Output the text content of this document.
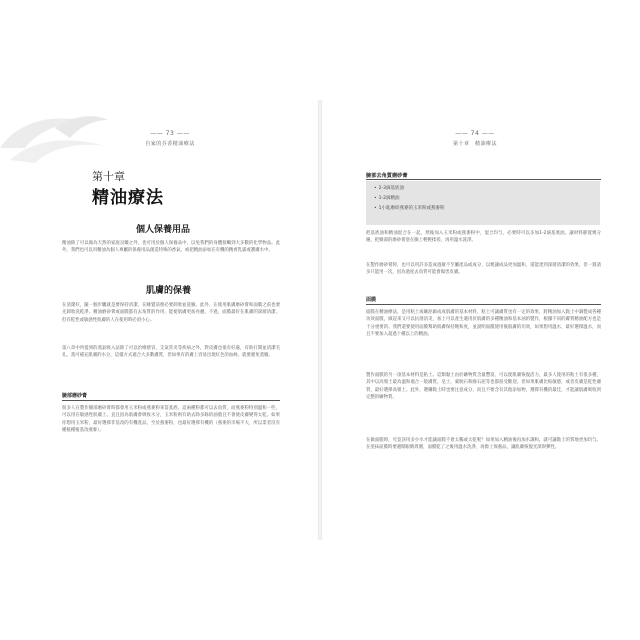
—— 73 ——
自家的芬香精油療法
第十章
精油療法
個人保養用品
精油除了可以做為天然的家庭良藥之外，也可用於個人保養品中，以免我們的身體接觸到大多數的化學物品。此外，我們也可以用精油為個人專屬的保養用品創造特殊的香氣，或把精油添加在有機的精香乳霜或護膚水中。
肌膚的保養
在清潔好，隨一個步驟就是要保持清潔，在睡覺前務必要卸妝並洗臉。此外，在使用肌膚磨砂膏和面膜之前也要先卸妝洗乾淨。精油磨砂膏或面膜都有去角質的作用，能使肌膚更加亮麗。不過，面膜最好在肌膚的深層清潔，但有乾性或敏感性肌膚的人在使用時必須小心。
第八章中所提到的蒸氣吸入法除了可以治療感冒、支氣管炎等疾病之外，對皮膚也很有好處，有助打開並清潔毛孔。蒸可補充肌膚的水分，這樣方式適合大多數膚質，但如果有的膚上容易出現紅色的血絲，就要避免蒸臉。
臉部磨砂膏
很多人在製作臉部磨砂膏時都會用玉米粉或燕麥粉來當基底。這兩種粉都可以去角質，而燕麥粉特別溫和一些，可以用在敏感性肌膚上。直且因為肌膚會吸收水分，玉米粉則有助去除多餘的油脂且不會使皮膚變得太乾。如果你想用玉米粉，最好選擇非基改的有機產品，至於燕麥粉，也最好選擇有機的（燕麥的市場不大，所以業者沒有種植種植基改燕麥）。
—— 74 ——
第十章　精油療法
臉部去角質磨砂膏
• 2-3滴基底油
• 1-2滴精油
• 1小匙磨碎燕麥的玉米粉或燕麥粉
把基底油和精油混合在一起，然後加入玉米粉或燕麥粉中，混合均勻，必要時可以多加1-2滴基底油。讓材料靜置幾分鐘，把臉部的磨砂膏塗在臉上輕輕揉搓，再用溫水洗淨。
在製作磨砂膏時，也可以用許多造成過敏不至屬產品或成分，以便讓成品更加溫和，還能達到深層清潔的效果，但一週請多只能用一次，因為過度去角質可能會傷害皮膚。
面膜
面膜在精油療法，是用粘土或礦泥做成成肌膚的基本材料，粘土可讓膚質也有一定的效果，將精油加入黏土中調製成各種功效面膜，做起來又可以抗菌消炎，加上可以產生適用於肌膚的多種精油和基本油的製作，根據不同的膚質精油配方也是十分重要的。我們還要使用面膜幫助肌膚保持飽和度，並說明面膜使用後肌膚的功效，如果想用溫水，最好選擇溫水，而且不要加入超過十種以上的精油。
製作面膜的另一項基本材料是粘土。這類黏土由於礦物質含量豐富，可以使肌膚恢復活力，最多人使用的粘土有很多種，其中以高嶺土最為溫和適合一般膚質，皂土、蒙脫石和綠石泥等也都很受歡迎。但如果肌膚比較敏感，或者皮膚是乾性膚質，最好選擇高嶺土。此外，選購黏土時也要注意成分，而且不要含有其他添加物，選擇有機的最佳，才能讓肌膚吸收到完整的礦物質。
在做面膜時，究竟該用多少水才能讓面膜不會太稀或太乾呢？如果加入精油後再加水調和，就可讓黏土的質地更加均勻。在塗抹面膜時要避開眼睛周圍，面膜乾了之後用溫水洗淨，再擦上保養品，讓肌膚恢復光澤與彈性。
